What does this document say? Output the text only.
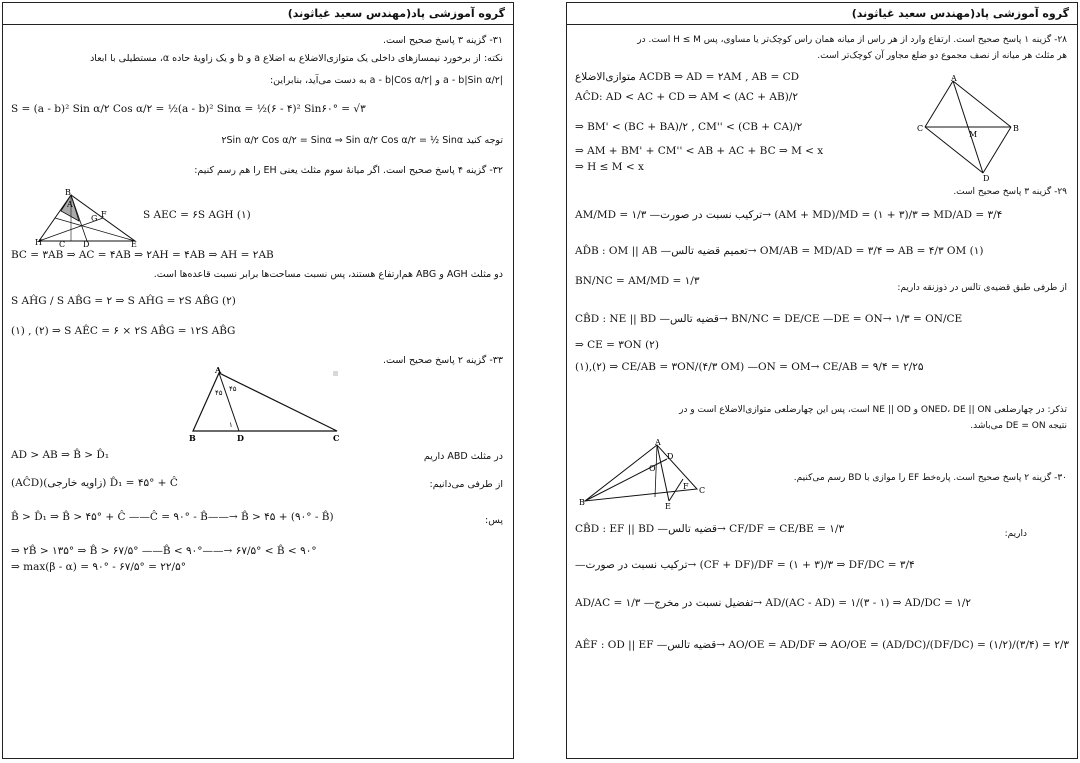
گروه آموزشی پاد(مهندس سعید غیاثوند)
۳۱- گزینه ۳ پاسخ صحیح است.
نکته: از برخورد نیمسازهای داخلی یک متوازی‌الاضلاع به اضلاع a و b و یک زاویهٔ حاده α، مستطیلی با ابعاد
|a - b|Sin α/۲ و |a - b|Cos α/۲ به دست می‌آید، بنابراین:
S = (a - b)² Sin α/۲ Cos α/۲ = ½(a - b)² Sinα = ½(۶ - ۴)² Sin۶۰° = √۳
توجه کنید ۲Sin α/۲ Cos α/۲ = Sinα ⇒ Sin α/۲ Cos α/۲ = ½ Sinα
۳۲- گزینه ۴ پاسخ صحیح است. اگر میانهٔ سوم مثلث یعنی EH را هم رسم کنیم:
B
A
H
G F
D	E
C
S AEC = ۶S AGH (۱)
BC = ۳AB ⇒ AC = ۴AB ⇒ ۲AH = ۴AB ⇒ AH = ۲AB
دو مثلث AGH و ABG هم‌ارتفاع هستند، پس نسبت مساحت‌ها برابر نسبت قاعده‌ها است.
S AĤG / S AB̂G = ۲ ⇒ S AĤG = ۲S AB̂G (۲)
(۱) , (۲) ⇒ S AÊC = ۶ × ۲S AB̂G = ۱۲S AB̂G
۳۳- گزینه ۲ پاسخ صحیح است.
A
B	D	C
۴۵ ۴۵
۱
در مثلث ABD داریم
AD > AB ⇒ B̂ > D̂₁
از طرفی می‌دانیم:
(AĈD)(زاویه خارجی) D̂₁ = ۴۵° + Ĉ
پس:
B̂ > D̂₁ ⇒ B̂ > ۴۵° + Ĉ ——Ĉ = ۹۰° - B̂——→ B̂ > ۴۵ + (۹۰° - B̂)
⇒ ۲B̂ > ۱۳۵° ⇒ B̂ > ۶۷/۵° ——B̂ < ۹۰°——→ ۶۷/۵° < B̂ < ۹۰°
⇒ max(β - α) = ۹۰° - ۶۷/۵° = ۲۲/۵°
گروه آموزشی پاد(مهندس سعید غیاثوند)
۲۸- گزینه ۱ پاسخ صحیح است. ارتفاع وارد از هر راس از میانه همان راس کوچک‌تر یا مساوی، پس H ≤ M است. در
هر مثلث هر میانه از نصف مجموع دو ضلع مجاور آن کوچک‌تر است.
متوازی‌الاضلاع ACDB ⇒ AD = ۲AM , AB = CD
AĈD: AD < AC + CD ⇒ AM < (AC + AB)/۲
⇒ BM' < (BC + BA)/۲ , CM'' < (CB + CA)/۲
⇒ AM + BM' + CM'' < AB + AC + BC ⇒ M < x
⇒ H ≤ M < x
A
C	B
M
D
۲۹- گزینه ۳ پاسخ صحیح است.
AM/MD = ۱/۳ —ترکیب نسبت در صورت→ (AM + MD)/MD = (۱ + ۳)/۳ ⇒ MD/AD = ۳/۴
AD̂B : OM || AB —تعمیم قضیه تالس→ OM/AB = MD/AD = ۳/۴ ⇒ AB = ۴/۳ OM (۱)
BN/NC = AM/MD = ۱/۳
از طرفی طبق قضیه‌ی تالس در ذوزنقه داریم:
CB̂D : NE || BD —قضیه تالس→ BN/NC = DE/CE —DE = ON→ ۱/۳ = ON/CE
⇒ CE = ۳ON (۲)
(۱),(۲) ⇒ CE/AB = ۳ON/(۴/۳ OM) —ON = OM→ CE/AB = ۹/۴ = ۲/۲۵
تذکر: در چهارضلعی ONED، DE || ON و NE || OD است، پس این چهارضلعی متوازی‌الاضلاع است و در
نتیجه DE = ON می‌باشد.
A
B
O
D
E
F C
۳۰- گزینه ۲ پاسخ صحیح است. پاره‌خط EF را موازی با BD رسم می‌کنیم.
داریم:
CB̂D : EF || BD —قضیه تالس→ CF/DF = CE/BE = ۱/۳
—ترکیب نسبت در صورت→ (CF + DF)/DF = (۱ + ۳)/۳ ⇒ DF/DC = ۳/۴
AD/AC = ۱/۳ —تفضیل نسبت در مخرج→ AD/(AC - AD) = ۱/(۳ - ۱) ⇒ AD/DC = ۱/۲
AÊF : OD || EF —قضیه تالس→ AO/OE = AD/DF ⇒ AO/OE = (AD/DC)/(DF/DC) = (۱/۲)/(۳/۴) = ۲/۳
